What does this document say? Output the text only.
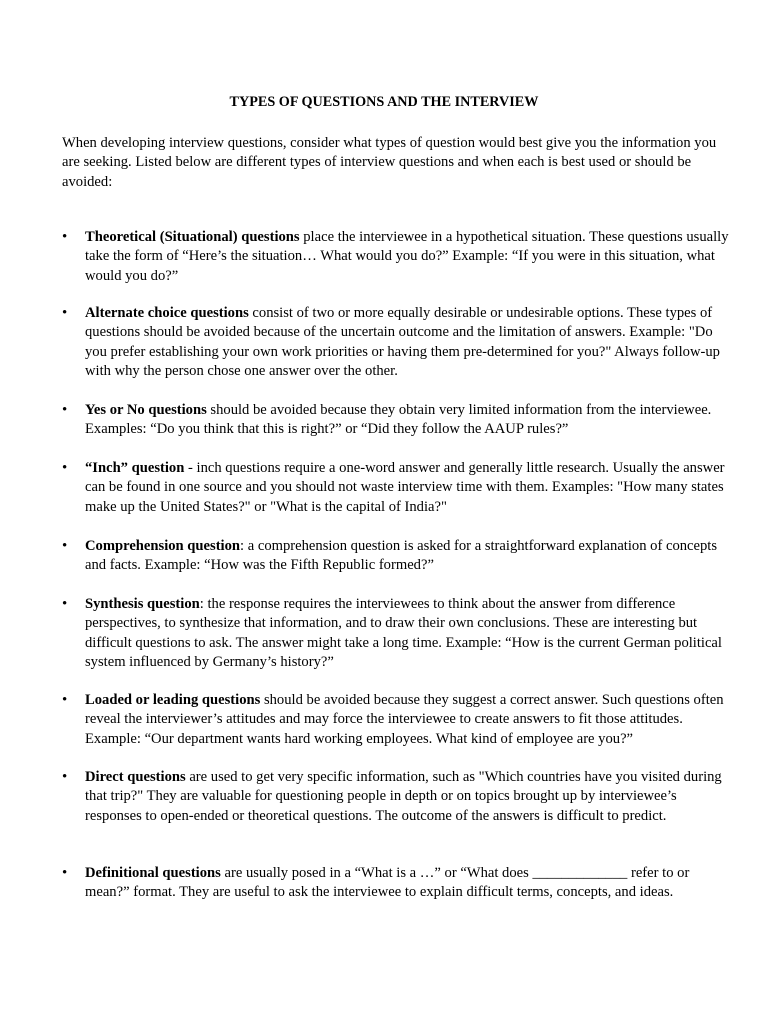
TYPES OF QUESTIONS AND THE INTERVIEW

When developing interview questions, consider what types of question would best give you the information you are seeking. Listed below are different types of interview questions and when each is best used or should be avoided:

•	Theoretical (Situational) questions place the interviewee in a hypothetical situation. These questions usually take the form of “Here’s the situation… What would you do?” Example: “If you were in this situation, what would you do?”

•	Alternate choice questions consist of two or more equally desirable or undesirable options. These types of questions should be avoided because of the uncertain outcome and the limitation of answers. Example: "Do you prefer establishing your own work priorities or having them pre-determined for you?" Always follow-up with why the person chose one answer over the other.

•	Yes or No questions should be avoided because they obtain very limited information from the interviewee. Examples: “Do you think that this is right?” or “Did they follow the AAUP rules?”

•	“Inch” question - inch questions require a one-word answer and generally little research. Usually the answer can be found in one source and you should not waste interview time with them. Examples: "How many states make up the United States?" or "What is the capital of India?"

•	Comprehension question: a comprehension question is asked for a straightforward explanation of concepts and facts. Example: “How was the Fifth Republic formed?”

•	Synthesis question: the response requires the interviewees to think about the answer from difference perspectives, to synthesize that information, and to draw their own conclusions. These are interesting but difficult questions to ask. The answer might take a long time. Example: “How is the current German political system influenced by Germany’s history?”

•	Loaded or leading questions should be avoided because they suggest a correct answer. Such questions often reveal the interviewer’s attitudes and may force the interviewee to create answers to fit those attitudes. Example: “Our department wants hard working employees. What kind of employee are you?”

•	Direct questions are used to get very specific information, such as "Which countries have you visited during that trip?" They are valuable for questioning people in depth or on topics brought up by interviewee’s responses to open-ended or theoretical questions. The outcome of the answers is difficult to predict.

•	Definitional questions are usually posed in a “What is a …” or “What does _____________ refer to or mean?” format. They are useful to ask the interviewee to explain difficult terms, concepts, and ideas.
